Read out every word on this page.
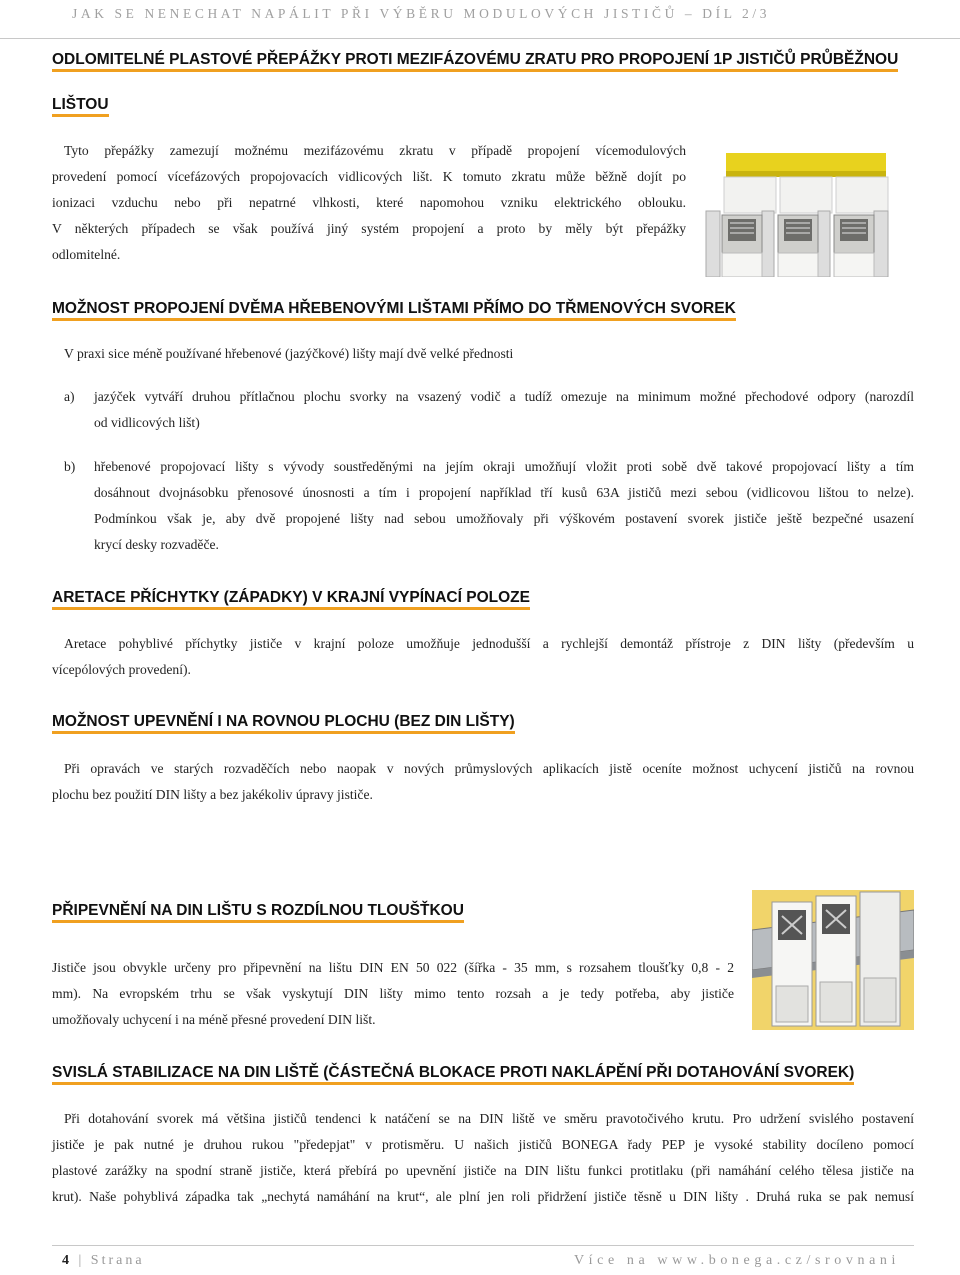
JAK SE NENECHAT NAPÁLIT PŘI VÝBĚRU MODULOVÝCH JISTIČŮ – DÍL 2/3
ODLOMITELNÉ PLASTOVÉ PŘEPÁŽKY PROTI MEZIFÁZOVÉMU ZRATU PRO PROPOJENÍ 1P JISTIČŮ PRŮBĚŽNOU
LIŠTOU
Tyto přepážky zamezují možnému mezifázovému zkratu v případě propojení vícemodulových
provedení pomocí vícefázových propojovacích vidlicových lišt. K tomuto zkratu může běžně dojít po
ionizaci vzduchu nebo při nepatrné vlhkosti, které napomohou vzniku elektrického oblouku.
V některých případech se však používá jiný systém propojení a proto by měly být přepážky
odlomitelné.
MOŽNOST PROPOJENÍ DVĚMA HŘEBENOVÝMI LIŠTAMI PŘÍMO DO TŘMENOVÝCH SVOREK
V praxi sice méně používané hřebenové (jazýčkové) lišty mají dvě velké přednosti
a) jazýček vytváří druhou přítlačnou plochu svorky na vsazený vodič a tudíž omezuje na minimum možné přechodové odpory (narozdíl
od vidlicových lišt)
b) hřebenové propojovací lišty s vývody soustředěnými na jejím okraji umožňují vložit proti sobě dvě takové propojovací lišty a tím
dosáhnout dvojnásobku přenosové únosnosti a tím i propojení například tří kusů 63A jističů mezi sebou (vidlicovou lištou to nelze).
Podmínkou však je, aby dvě propojené lišty nad sebou umožňovaly při výškovém postavení svorek jističe ještě bezpečné usazení
krycí desky rozvaděče.
ARETACE PŘÍCHYTKY (ZÁPADKY) V KRAJNÍ VYPÍNACÍ POLOZE
Aretace pohyblivé příchytky jističe v krajní poloze umožňuje jednodušší a rychlejší demontáž přístroje z DIN lišty (především u
vícepólových provedení).
MOŽNOST UPEVNĚNÍ I NA ROVNOU PLOCHU (BEZ DIN LIŠTY)
Při opravách ve starých rozvaděčích nebo naopak v nových průmyslových aplikacích jistě oceníte možnost uchycení jističů na rovnou
plochu bez použití DIN lišty a bez jakékoliv úpravy jističe.
PŘIPEVNĚNÍ NA DIN LIŠTU S ROZDÍLNOU TLOUŠŤKOU
Jističe jsou obvykle určeny pro připevnění na lištu DIN EN 50 022 (šířka - 35 mm, s rozsahem tloušťky 0,8 - 2
mm). Na evropském trhu se však vyskytují DIN lišty mimo tento rozsah a je tedy potřeba, aby jističe
umožňovaly uchycení i na méně přesné provedení DIN lišt.
SVISLÁ STABILIZACE NA DIN LIŠTĚ (ČÁSTEČNÁ BLOKACE PROTI NAKLÁPĚNÍ PŘI DOTAHOVÁNÍ SVOREK)
Při dotahování svorek má většina jističů tendenci k natáčení se na DIN liště ve směru pravotočivého krutu. Pro udržení svislého postavení
jističe je pak nutné je druhou rukou "předepjat" v protisměru. U našich jističů BONEGA řady PEP je vysoké stability docíleno pomocí
plastové zarážky na spodní straně jističe, která přebírá po upevnění jističe na DIN lištu funkci protitlaku (při namáhání celého tělesa jističe na
krut). Naše pohyblivá západka tak „nechytá namáhání na krut“, ale plní jen roli přidržení jističe těsně u DIN lišty . Druhá ruka se pak nemusí
4 | Strana	Více na www.bonega.cz/srovnani
